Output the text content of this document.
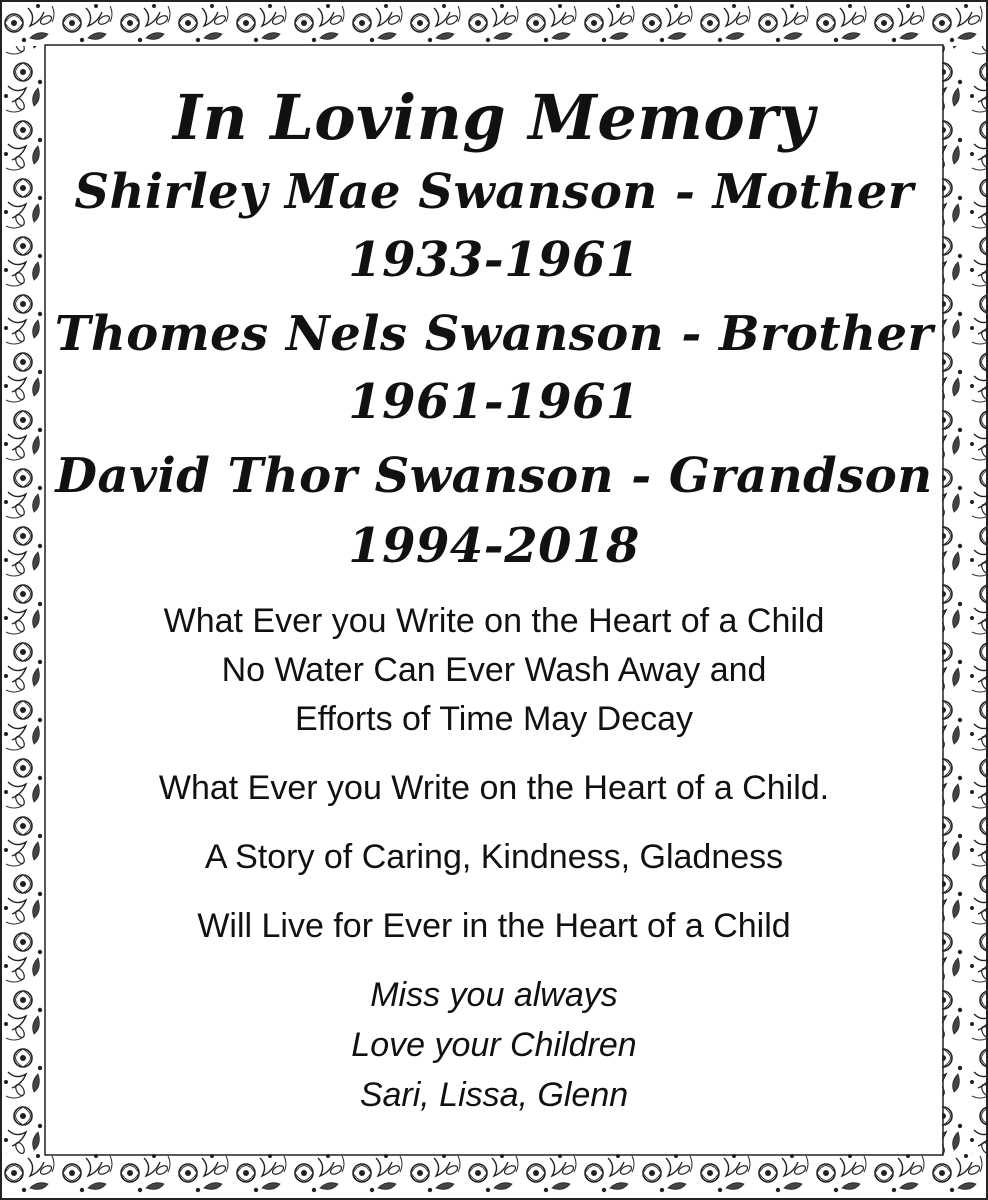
In Loving Memory

Shirley Mae Swanson - Mother

1933-1961

Thomes Nels Swanson - Brother

1961-1961

David Thor Swanson - Grandson

1994-2018

What Ever you Write on the Heart of a Child

No Water Can Ever Wash Away and

Efforts of Time May Decay

What Ever you Write on the Heart of a Child.

A Story of Caring, Kindness, Gladness

Will Live for Ever in the Heart of a Child

Miss you always

Love your Children

Sari, Lissa, Glenn
